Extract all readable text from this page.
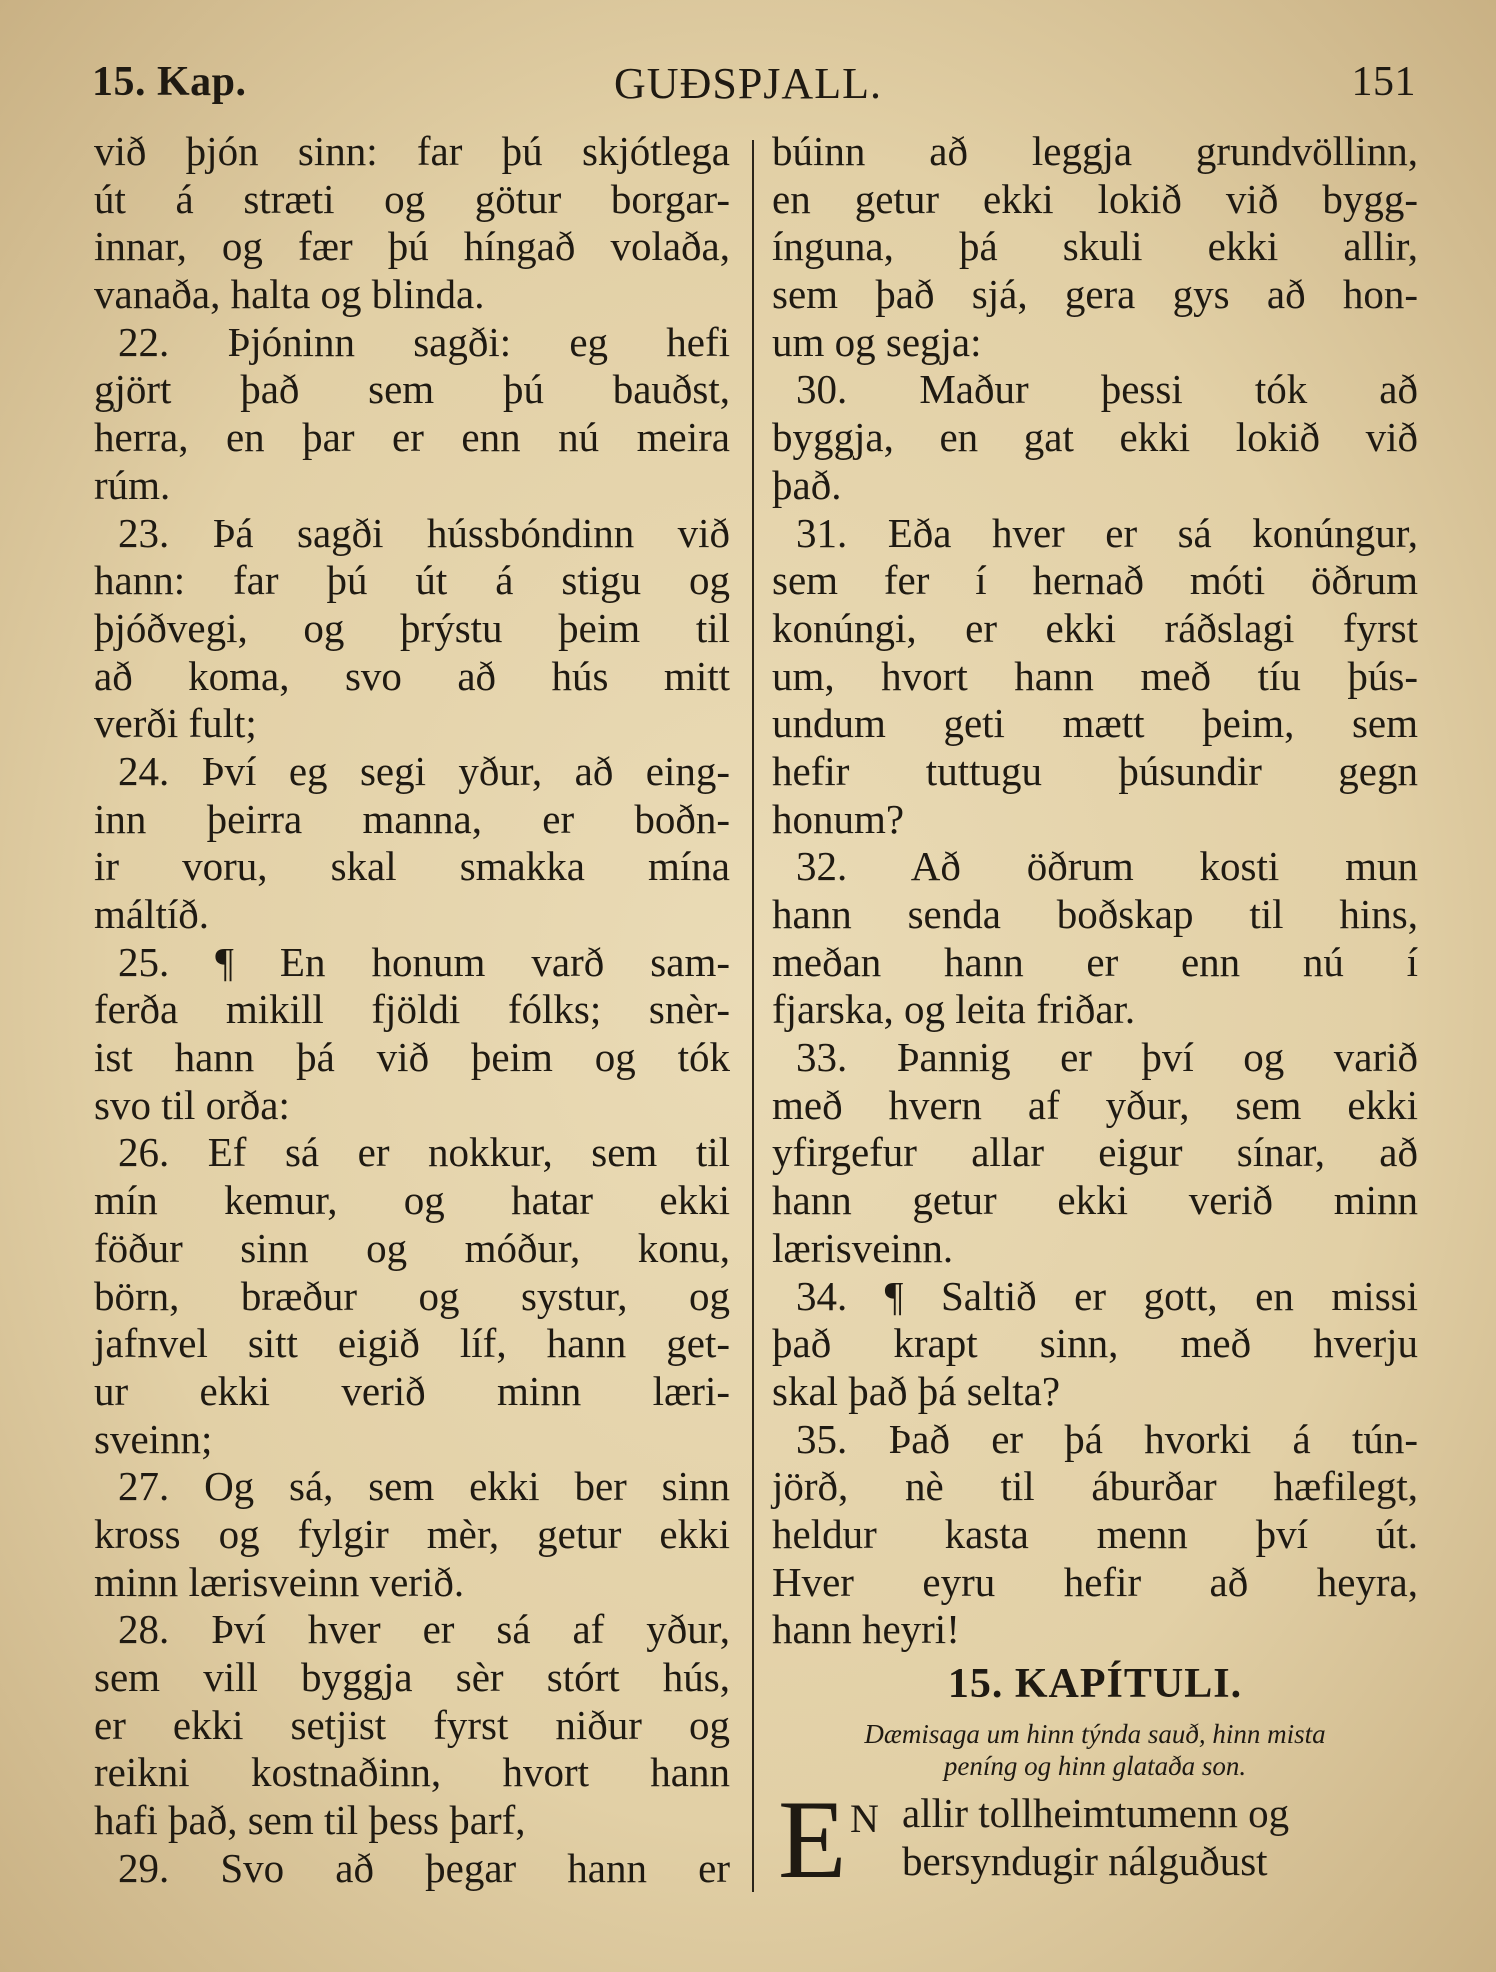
GUÐSPJALL.
15. Kap.	151
við þjón sinn: far þú skjótlega
út á stræti og götur borgar-
innar, og fær þú híngað volaða,
vanaða, halta og blinda.
22. Þjóninn sagði: eg hefi
gjört það sem þú bauðst,
herra, en þar er enn nú meira
rúm.
23. Þá sagði hússbóndinn við
hann: far þú út á stigu og
þjóðvegi, og þrýstu þeim til
að koma, svo að hús mitt
verði fult;
24. Því eg segi yður, að eing-
inn þeirra manna, er boðn-
ir voru, skal smakka mína
máltíð.
25. ¶ En honum varð sam-
ferða mikill fjöldi fólks; snèr-
ist hann þá við þeim og tók
svo til orða:
26. Ef sá er nokkur, sem til
mín kemur, og hatar ekki
föður sinn og móður, konu,
börn, bræður og systur, og
jafnvel sitt eigið líf, hann get-
ur ekki verið minn læri-
sveinn;
27. Og sá, sem ekki ber sinn
kross og fylgir mèr, getur ekki
minn lærisveinn verið.
28. Því hver er sá af yður,
sem vill byggja sèr stórt hús,
er ekki setjist fyrst niður og
reikni kostnaðinn, hvort hann
hafi það, sem til þess þarf,
29. Svo að þegar hann er
búinn að leggja grundvöllinn,
en getur ekki lokið við bygg-
ínguna, þá skuli ekki allir,
sem það sjá, gera gys að hon-
um og segja:
30. Maður þessi tók að
byggja, en gat ekki lokið við
það.
31. Eða hver er sá konúngur,
sem fer í hernað móti öðrum
konúngi, er ekki ráðslagi fyrst
um, hvort hann með tíu þús-
undum geti mætt þeim, sem
hefir tuttugu þúsundir gegn
honum?
32. Að öðrum kosti mun
hann senda boðskap til hins,
meðan hann er enn nú í
fjarska, og leita friðar.
33. Þannig er því og varið
með hvern af yður, sem ekki
yfirgefur allar eigur sínar, að
hann getur ekki verið minn
lærisveinn.
34. ¶ Saltið er gott, en missi
það krapt sinn, með hverju
skal það þá selta?
35. Það er þá hvorki á tún-
jörð, nè til áburðar hæfilegt,
heldur kasta menn því út.
Hver eyru hefir að heyra,
hann heyri!
15. KAPÍTULI.
Dæmisaga um hinn týnda sauð, hinn mista
peníng og hinn glataða son.
E N allir tollheimtumenn og
bersyndugir nálguðust
